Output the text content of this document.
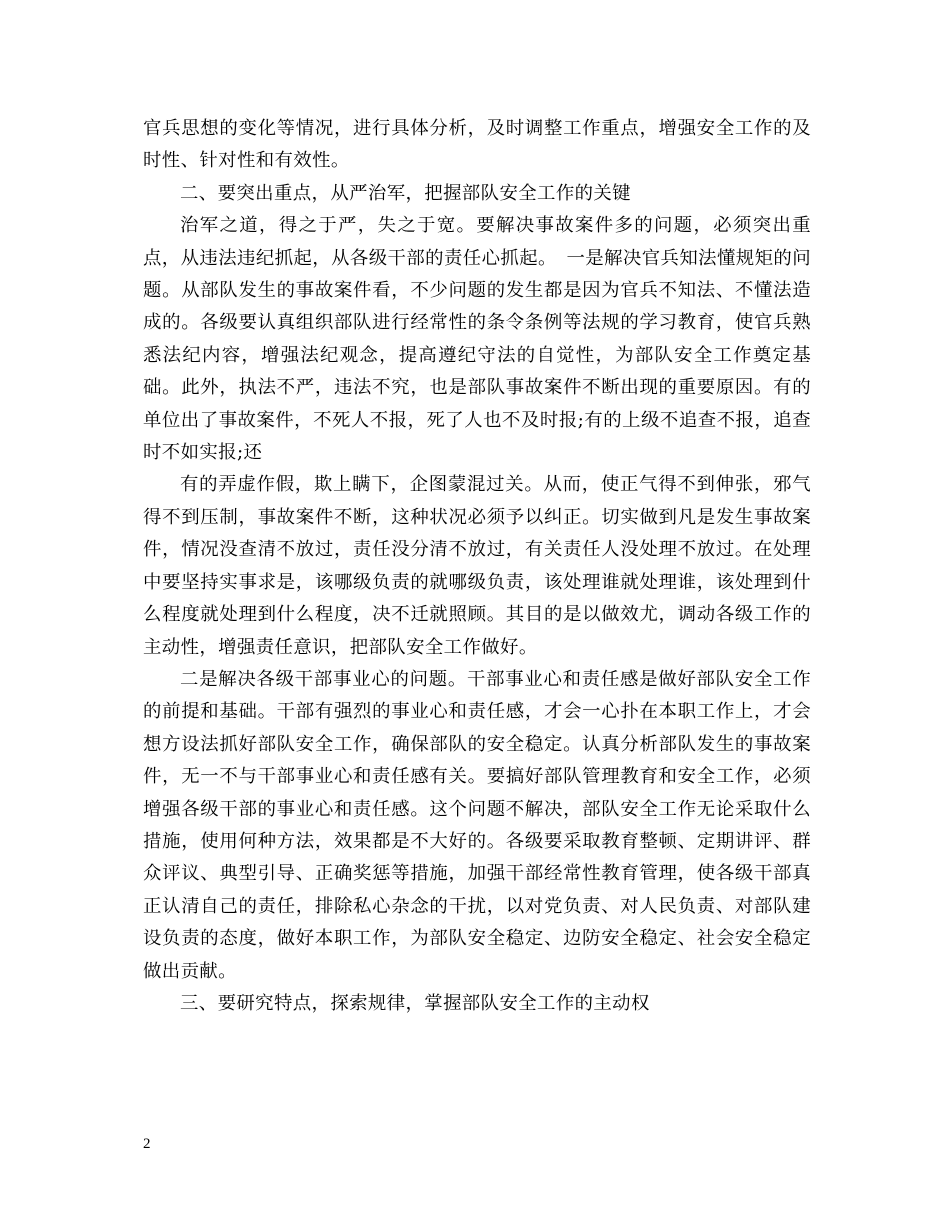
官兵思想的变化等情况，进行具体分析，及时调整工作重点，增强安全工作的及时性、针对性和有效性。

二、要突出重点，从严治军，把握部队安全工作的关键

治军之道，得之于严，失之于宽。要解决事故案件多的问题，必须突出重点，从违法违纪抓起，从各级干部的责任心抓起。　一是解决官兵知法懂规矩的问题。从部队发生的事故案件看，不少问题的发生都是因为官兵不知法、不懂法造成的。各级要认真组织部队进行经常性的条令条例等法规的学习教育，使官兵熟悉法纪内容，增强法纪观念，提高遵纪守法的自觉性，为部队安全工作奠定基础。此外，执法不严，违法不究，也是部队事故案件不断出现的重要原因。有的单位出了事故案件，不死人不报，死了人也不及时报;有的上级不追查不报，追查时不如实报;还

有的弄虚作假，欺上瞒下，企图蒙混过关。从而，使正气得不到伸张，邪气得不到压制，事故案件不断，这种状况必须予以纠正。切实做到凡是发生事故案件，情况没查清不放过，责任没分清不放过，有关责任人没处理不放过。在处理中要坚持实事求是，该哪级负责的就哪级负责，该处理谁就处理谁，该处理到什么程度就处理到什么程度，决不迁就照顾。其目的是以做效尤，调动各级工作的主动性，增强责任意识，把部队安全工作做好。

二是解决各级干部事业心的问题。干部事业心和责任感是做好部队安全工作的前提和基础。干部有强烈的事业心和责任感，才会一心扑在本职工作上，才会想方设法抓好部队安全工作，确保部队的安全稳定。认真分析部队发生的事故案件，无一不与干部事业心和责任感有关。要搞好部队管理教育和安全工作，必须增强各级干部的事业心和责任感。这个问题不解决，部队安全工作无论采取什么措施，使用何种方法，效果都是不大好的。各级要采取教育整顿、定期讲评、群众评议、典型引导、正确奖惩等措施，加强干部经常性教育管理，使各级干部真正认清自己的责任，排除私心杂念的干扰，以对党负责、对人民负责、对部队建设负责的态度，做好本职工作，为部队安全稳定、边防安全稳定、社会安全稳定做出贡献。

三、要研究特点，探索规律，掌握部队安全工作的主动权

2
